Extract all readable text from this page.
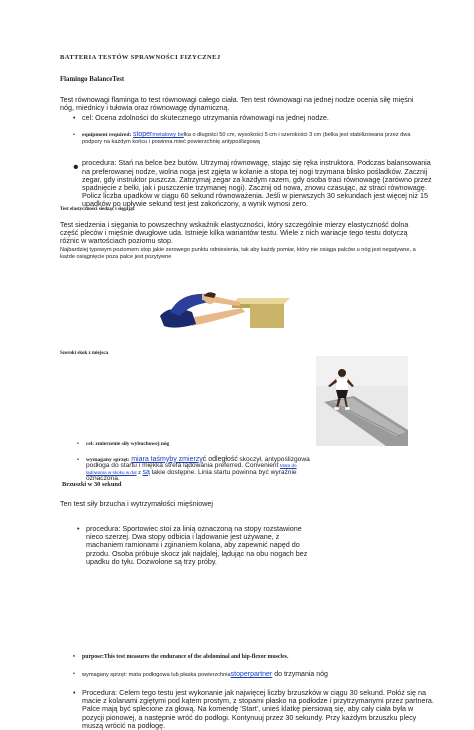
BATTERIA TESTÓW SPRAWNOŚCI FIZYCZNEJ
Flamingo BalanceTest
Test równowagi flaminga to test równowagi całego ciała. Ten test równowagi na jednej nodze ocenia siłę mięśni nóg, miednicy i tułowia oraz równowagę dynamiczną.
• cel: Ocena zdolności do skutecznego utrzymania równowagi na jednej nodze.
• equipment required: stopermetalowy belka o długości 50 cm, wysokości 5 cm i szerokości 3 cm (belka jest stabilizowana przez dwa podpory na każdym końcu i powinna mieć powierzchnię antypoślizgową
• procedura: Stań na belce bez butów. Utrzymaj równowagę, stając się ręka instruktora. Podczas balansowania na preferowanej nodze, wolna noga jest zgięta w kolanie a stopa tej nogi trzymana blisko pośladków. Zacznij zegar, gdy instruktor puszcza. Zatrzymaj zegar za każdym razem, gdy osoba traci równowagę (zarówno przez spadnięcie z belki, jak i puszczenie trzymanej nogi). Zacznij od nowa, znowu czasując, aż straci równowagę. Policz liczba upadków w ciągu 60 sekund równoważenia. Jeśli w pierwszych 30 sekundach jest więcej niż 15 upadków po upływie sekund test jest zakończony, a wynik wynosi zero.
Test elastyczności siedząc i sięgając
Test siedzenia i sięgania to powszechny wskaźnik elastyczności, który szczególnie mierzy elastyczność dolna część pleców i mięśnie dwugłowe uda. Istnieje kilka wariantów testu. Wiele z nich wariacje tego testu dotyczą różnic w wartościach poziomu stop.
Najbardziej typowym poziomem stop jakie zerowego punktu odniesienia, tak aby każdy pomiar, który nie osiąga palców u nóg jest negatywne, a każde osiągnięcie poza palce jest pozytywne
Szeroki skok z miejsca
• cel: zmierzenie siły wybuchowej nóg
• wymagany sprzęt: miara taśmyby zmierzyć odległość skoczył, antypoślizgowa podłoga do startu i miękka strefa lądowania preferred. Convenient Mata do lądowania w skoku w dal z są takie dostępne. Linia startu powinna być wyraźnie oznaczona.
• procedura: Sportowiec stoi za linią oznaczoną na stopy rozstawione nieco szerzej. Dwa stopy odbicia i lądowanie jest używane, z machaniem ramionami i zginaniem kolana, aby zapewnić napęd do przodu. Osoba próbuje skocz jak najdalej, lądując na obu nogach bez upadku do tyłu. Dozwolone są trzy próby.
Brzuszki w 30 sekund
Ten test siły brzucha i wytrzymałości mięśniowej
• purpose:This test measures the endurance of the abdominal and hip-flexor muscles.
• wymagany sprzęt: mata podłogowa lub płaska powierzchniastoperpartner do trzymania nóg
• Procedura: Celem tego testu jest wykonanie jak najwięcej liczby brzuszków w ciągu 30 sekund. Połóż się na macie z kolanami zgiętymi pod kątem prostym, z stopami płasko na podłodze i przytrzymanymi przez partnera. Palce mają być splecione za głową. Na komendę 'Start', unieś klatkę piersiową się, aby cały ciała była w pozycji pionowej, a następnie wróć do podłogi. Kontynuuj przez 30 sekundy. Przy każdym brzuszku plecy muszą wrócić na podłogę.
